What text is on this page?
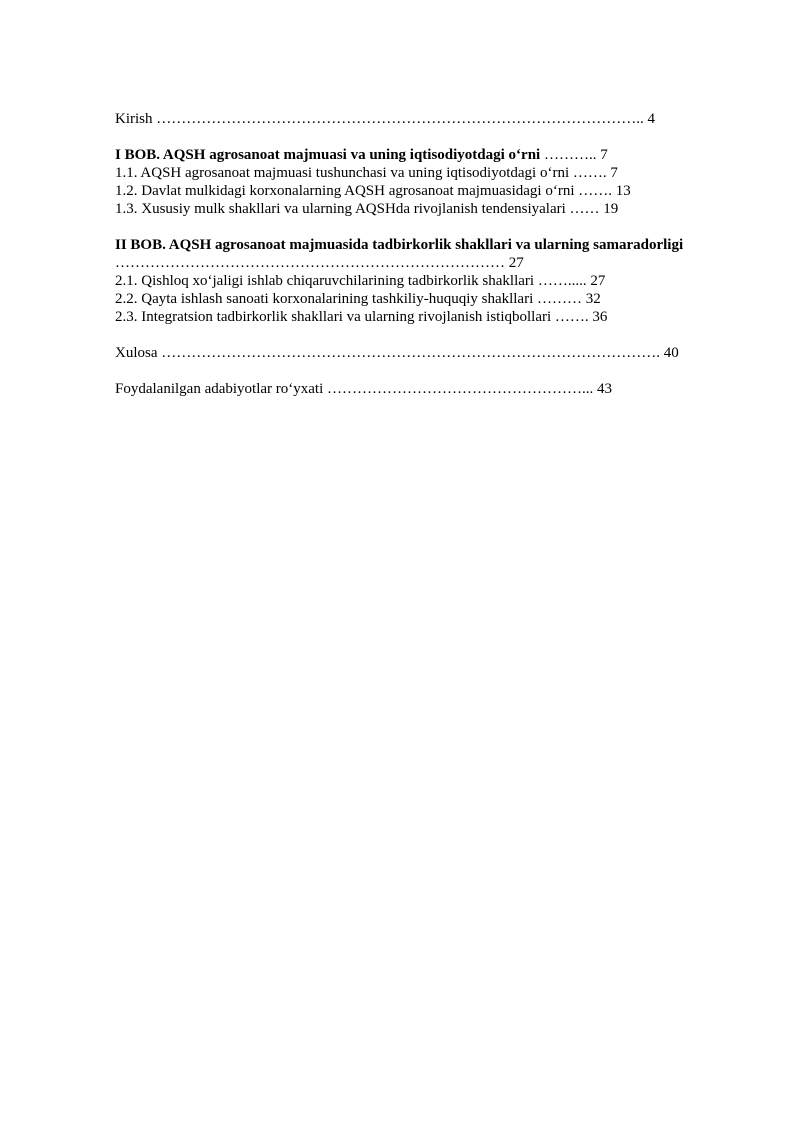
Kirish …………………………………………………………………………………….. 4
I BOB. AQSH agrosanoat majmuasi va uning iqtisodiyotdagi o‘rni ……….. 7
1.1. AQSH agrosanoat majmuasi tushunchasi va uning iqtisodiyotdagi o‘rni ……. 7
1.2. Davlat mulkidagi korxonalarning AQSH agrosanoat majmuasidagi o‘rni ……. 13
1.3. Xususiy mulk shakllari va ularning AQSHda rivojlanish tendensiyalari …… 19
II BOB. AQSH agrosanoat majmuasida tadbirkorlik shakllari va ularning samaradorligi
…………………………………………………………………… 27
2.1. Qishloq xo‘jaligi ishlab chiqaruvchilarining tadbirkorlik shakllari ……..... 27
2.2. Qayta ishlash sanoati korxonalarining tashkiliy-huquqiy shakllari ……… 32
2.3. Integratsion tadbirkorlik shakllari va ularning rivojlanish istiqbollari ……. 36
Xulosa ………………………………………………………………………………………. 40
Foydalanilgan adabiyotlar ro‘yxati ……………………………………………... 43
